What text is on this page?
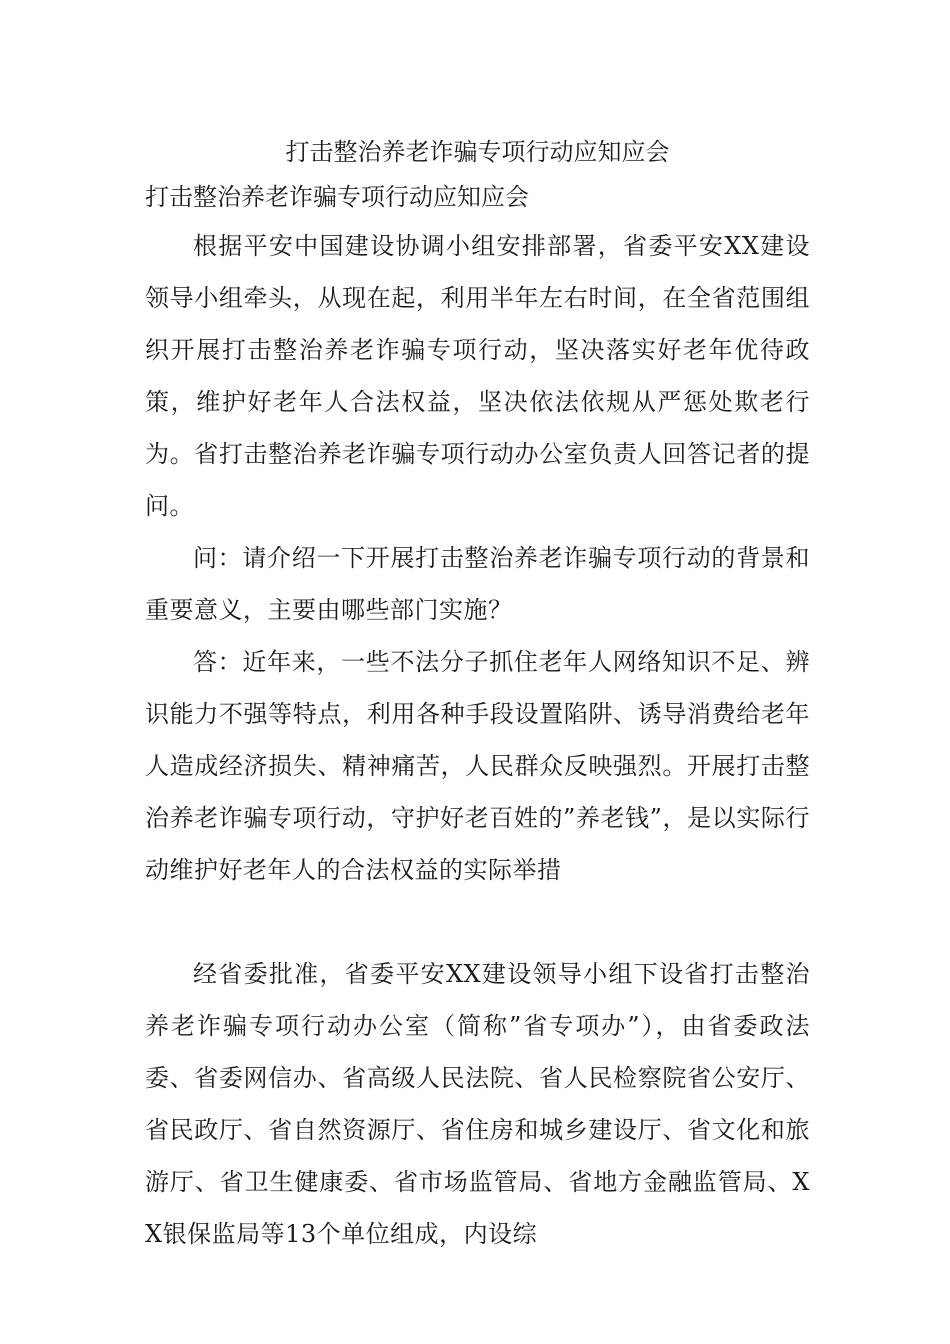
打击整治养老诈骗专项行动应知应会
打击整治养老诈骗专项行动应知应会

根据平安中国建设协调小组安排部署，省委平安XX建设领导小组牵头，从现在起，利用半年左右时间，在全省范围组织开展打击整治养老诈骗专项行动，坚决落实好老年优待政策，维护好老年人合法权益，坚决依法依规从严惩处欺老行为。省打击整治养老诈骗专项行动办公室负责人回答记者的提问。

问：请介绍一下开展打击整治养老诈骗专项行动的背景和重要意义，主要由哪些部门实施？

答：近年来，一些不法分子抓住老年人网络知识不足、辨识能力不强等特点，利用各种手段设置陷阱、诱导消费给老年人造成经济损失、精神痛苦，人民群众反映强烈。开展打击整治养老诈骗专项行动，守护好老百姓的”养老钱”，是以实际行动维护好老年人的合法权益的实际举措

经省委批准，省委平安XX建设领导小组下设省打击整治养老诈骗专项行动办公室（简称”省专项办”），由省委政法委、省委网信办、省高级人民法院、省人民检察院省公安厅、省民政厅、省自然资源厅、省住房和城乡建设厅、省文化和旅游厅、省卫生健康委、省市场监管局、省地方金融监管局、XX银保监局等13个单位组成，内设综
